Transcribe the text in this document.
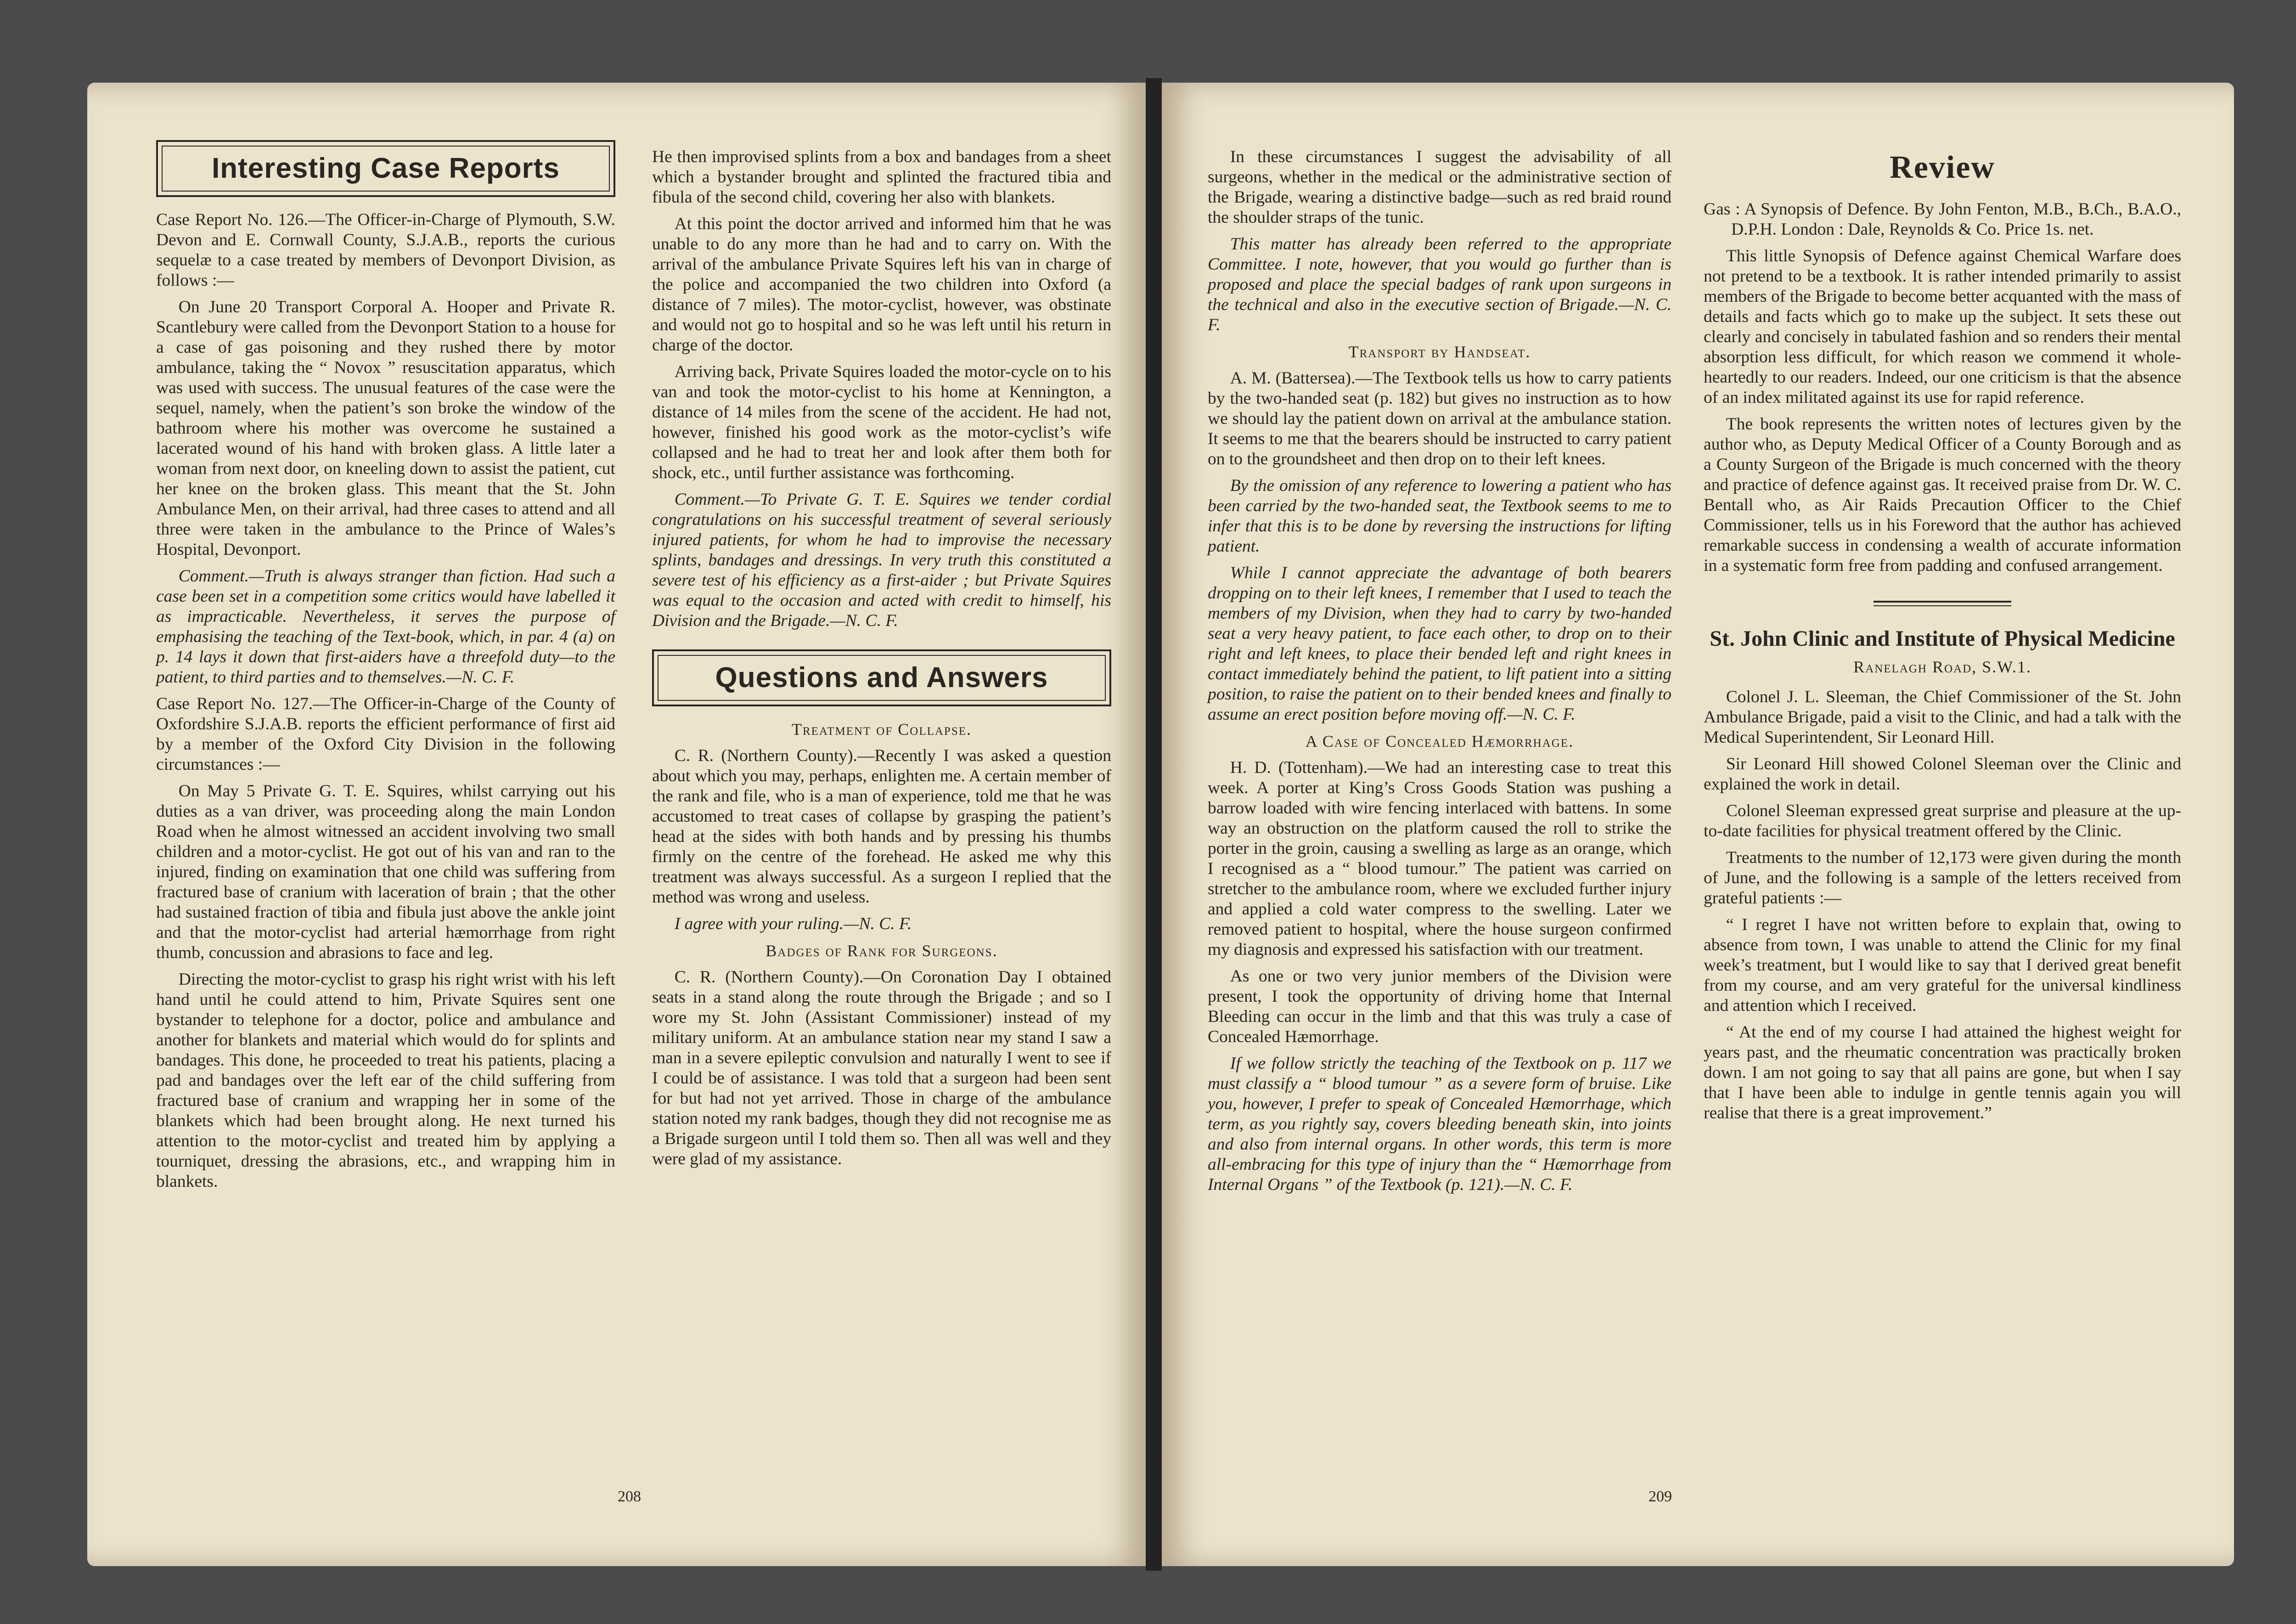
Interesting Case Reports

Case Report No. 126.—The Officer-in-Charge of Plymouth, S.W. Devon and E. Cornwall County, S.J.A.B., reports the curious sequelæ to a case treated by members of Devonport Division, as follows :—

On June 20 Transport Corporal A. Hooper and Private R. Scantlebury were called from the Devonport Station to a house for a case of gas poisoning and they rushed there by motor ambulance, taking the “ Novox ” resuscitation apparatus, which was used with success. The unusual features of the case were the sequel, namely, when the patient’s son broke the window of the bathroom where his mother was overcome he sustained a lacerated wound of his hand with broken glass. A little later a woman from next door, on kneeling down to assist the patient, cut her knee on the broken glass. This meant that the St. John Ambulance Men, on their arrival, had three cases to attend and all three were taken in the ambulance to the Prince of Wales’s Hospital, Devonport.

Comment.—Truth is always stranger than fiction. Had such a case been set in a competition some critics would have labelled it as impracticable. Nevertheless, it serves the purpose of emphasising the teaching of the Text-book, which, in par. 4 (a) on p. 14 lays it down that first-aiders have a threefold duty—to the patient, to third parties and to themselves.—N. C. F.

Case Report No. 127.—The Officer-in-Charge of the County of Oxfordshire S.J.A.B. reports the efficient performance of first aid by a member of the Oxford City Division in the following circumstances :—

On May 5 Private G. T. E. Squires, whilst carrying out his duties as a van driver, was proceeding along the main London Road when he almost witnessed an accident involving two small children and a motor-cyclist. He got out of his van and ran to the injured, finding on examination that one child was suffering from fractured base of cranium with laceration of brain ; that the other had sustained fraction of tibia and fibula just above the ankle joint and that the motor-cyclist had arterial hæmorrhage from right thumb, concussion and abrasions to face and leg.

Directing the motor-cyclist to grasp his right wrist with his left hand until he could attend to him, Private Squires sent one bystander to telephone for a doctor, police and ambulance and another for blankets and material which would do for splints and bandages. This done, he proceeded to treat his patients, placing a pad and bandages over the left ear of the child suffering from fractured base of cranium and wrapping her in some of the blankets which had been brought along. He next turned his attention to the motor-cyclist and treated him by applying a tourniquet, dressing the abrasions, etc., and wrapping him in blankets.

He then improvised splints from a box and bandages from a sheet which a bystander brought and splinted the fractured tibia and fibula of the second child, covering her also with blankets.

At this point the doctor arrived and informed him that he was unable to do any more than he had and to carry on. With the arrival of the ambulance Private Squires left his van in charge of the police and accompanied the two children into Oxford (a distance of 7 miles). The motor-cyclist, however, was obstinate and would not go to hospital and so he was left until his return in charge of the doctor.

Arriving back, Private Squires loaded the motor-cycle on to his van and took the motor-cyclist to his home at Kennington, a distance of 14 miles from the scene of the accident. He had not, however, finished his good work as the motor-cyclist’s wife collapsed and he had to treat her and look after them both for shock, etc., until further assistance was forthcoming.

Comment.—To Private G. T. E. Squires we tender cordial congratulations on his successful treatment of several seriously injured patients, for whom he had to improvise the necessary splints, bandages and dressings. In very truth this constituted a severe test of his efficiency as a first-aider ; but Private Squires was equal to the occasion and acted with credit to himself, his Division and the Brigade.—N. C. F.

Questions and Answers

Treatment of Collapse.

C. R. (Northern County).—Recently I was asked a question about which you may, perhaps, enlighten me. A certain member of the rank and file, who is a man of experience, told me that he was accustomed to treat cases of collapse by grasping the patient’s head at the sides with both hands and by pressing his thumbs firmly on the centre of the forehead. He asked me why this treatment was always successful. As a surgeon I replied that the method was wrong and useless.

I agree with your ruling.—N. C. F.

Badges of Rank for Surgeons.

C. R. (Northern County).—On Coronation Day I obtained seats in a stand along the route through the Brigade ; and so I wore my St. John (Assistant Commissioner) instead of my military uniform. At an ambulance station near my stand I saw a man in a severe epileptic convulsion and naturally I went to see if I could be of assistance. I was told that a surgeon had been sent for but had not yet arrived. Those in charge of the ambulance station noted my rank badges, though they did not recognise me as a Brigade surgeon until I told them so. Then all was well and they were glad of my assistance.

208

In these circumstances I suggest the advisability of all surgeons, whether in the medical or the administrative section of the Brigade, wearing a distinctive badge—such as red braid round the shoulder straps of the tunic.

This matter has already been referred to the appropriate Committee. I note, however, that you would go further than is proposed and place the special badges of rank upon surgeons in the technical and also in the executive section of Brigade.—N. C. F.

Transport by Handseat.

A. M. (Battersea).—The Textbook tells us how to carry patients by the two-handed seat (p. 182) but gives no instruction as to how we should lay the patient down on arrival at the ambulance station. It seems to me that the bearers should be instructed to carry patient on to the groundsheet and then drop on to their left knees.

By the omission of any reference to lowering a patient who has been carried by the two-handed seat, the Textbook seems to me to infer that this is to be done by reversing the instructions for lifting patient.

While I cannot appreciate the advantage of both bearers dropping on to their left knees, I remember that I used to teach the members of my Division, when they had to carry by two-handed seat a very heavy patient, to face each other, to drop on to their right and left knees, to place their bended left and right knees in contact immediately behind the patient, to lift patient into a sitting position, to raise the patient on to their bended knees and finally to assume an erect position before moving off.—N. C. F.

A Case of Concealed Hæmorrhage.

H. D. (Tottenham).—We had an interesting case to treat this week. A porter at King’s Cross Goods Station was pushing a barrow loaded with wire fencing interlaced with battens. In some way an obstruction on the platform caused the roll to strike the porter in the groin, causing a swelling as large as an orange, which I recognised as a “ blood tumour.” The patient was carried on stretcher to the ambulance room, where we excluded further injury and applied a cold water compress to the swelling. Later we removed patient to hospital, where the house surgeon confirmed my diagnosis and expressed his satisfaction with our treatment.

As one or two very junior members of the Division were present, I took the opportunity of driving home that Internal Bleeding can occur in the limb and that this was truly a case of Concealed Hæmorrhage.

If we follow strictly the teaching of the Textbook on p. 117 we must classify a “ blood tumour ” as a severe form of bruise. Like you, however, I prefer to speak of Concealed Hæmorrhage, which term, as you rightly say, covers bleeding beneath skin, into joints and also from internal organs. In other words, this term is more all-embracing for this type of injury than the “ Hæmorrhage from Internal Organs ” of the Textbook (p. 121).—N. C. F.

Review

Gas : A Synopsis of Defence. By John Fenton, M.B., B.Ch., B.A.O., D.P.H. London : Dale, Reynolds & Co. Price 1s. net.

This little Synopsis of Defence against Chemical Warfare does not pretend to be a textbook. It is rather intended primarily to assist members of the Brigade to become better acquanted with the mass of details and facts which go to make up the subject. It sets these out clearly and concisely in tabulated fashion and so renders their mental absorption less difficult, for which reason we commend it whole-heartedly to our readers. Indeed, our one criticism is that the absence of an index militated against its use for rapid reference.

The book represents the written notes of lectures given by the author who, as Deputy Medical Officer of a County Borough and as a County Surgeon of the Brigade is much concerned with the theory and practice of defence against gas. It received praise from Dr. W. C. Bentall who, as Air Raids Precaution Officer to the Chief Commissioner, tells us in his Foreword that the author has achieved remarkable success in condensing a wealth of accurate information in a systematic form free from padding and confused arrangement.

St. John Clinic and Institute of Physical Medicine
Ranelagh Road, S.W.1.

Colonel J. L. Sleeman, the Chief Commissioner of the St. John Ambulance Brigade, paid a visit to the Clinic, and had a talk with the Medical Superintendent, Sir Leonard Hill.

Sir Leonard Hill showed Colonel Sleeman over the Clinic and explained the work in detail.

Colonel Sleeman expressed great surprise and pleasure at the up-to-date facilities for physical treatment offered by the Clinic.

Treatments to the number of 12,173 were given during the month of June, and the following is a sample of the letters received from grateful patients :—

“ I regret I have not written before to explain that, owing to absence from town, I was unable to attend the Clinic for my final week’s treatment, but I would like to say that I derived great benefit from my course, and am very grateful for the universal kindliness and attention which I received.

“ At the end of my course I had attained the highest weight for years past, and the rheumatic concentration was practically broken down. I am not going to say that all pains are gone, but when I say that I have been able to indulge in gentle tennis again you will realise that there is a great improvement.”

209
